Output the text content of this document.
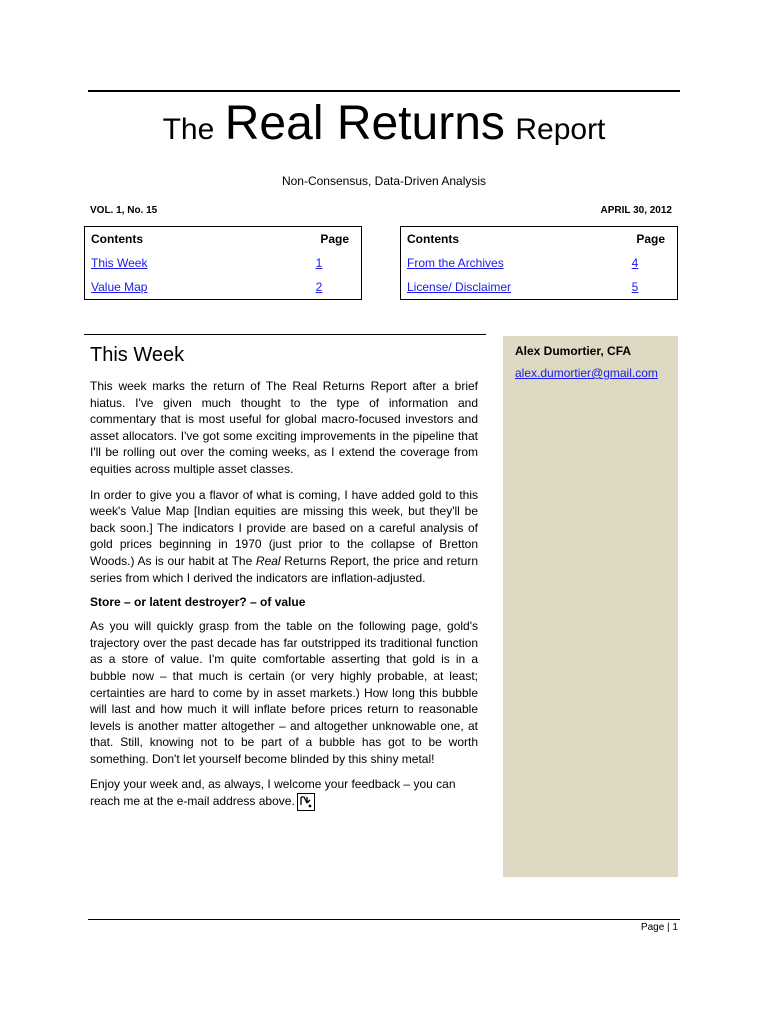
The Real Returns Report
Non-Consensus, Data-Driven Analysis
VOL. 1, No. 15	APRIL 30, 2012
Contents	Page
This Week	1
Value Map	2
Contents	Page
From the Archives	4
License/ Disclaimer	5
This Week

This week marks the return of The Real Returns Report after a brief hiatus. I've given much thought to the type of information and commentary that is most useful for global macro-focused investors and asset allocators. I've got some exciting improvements in the pipeline that I'll be rolling out over the coming weeks, as I extend the coverage from equities across multiple asset classes.

In order to give you a flavor of what is coming, I have added gold to this week's Value Map [Indian equities are missing this week, but they'll be back soon.] The indicators I provide are based on a careful analysis of gold prices beginning in 1970 (just prior to the collapse of Bretton Woods.) As is our habit at The Real Returns Report, the price and return series from which I derived the indicators are inflation-adjusted.

Store – or latent destroyer? – of value

As you will quickly grasp from the table on the following page, gold's trajectory over the past decade has far outstripped its traditional function as a store of value. I'm quite comfortable asserting that gold is in a bubble now – that much is certain (or very highly probable, at least; certainties are hard to come by in asset markets.) How long this bubble will last and how much it will inflate before prices return to reasonable levels is another matter altogether – and altogether unknowable one, at that. Still, knowing not to be part of a bubble has got to be worth something. Don't let yourself become blinded by this shiny metal!

Enjoy your week and, as always, I welcome your feedback – you can reach me at the e-mail address above.

Alex Dumortier, CFA
alex.dumortier@gmail.com
Page | 1
